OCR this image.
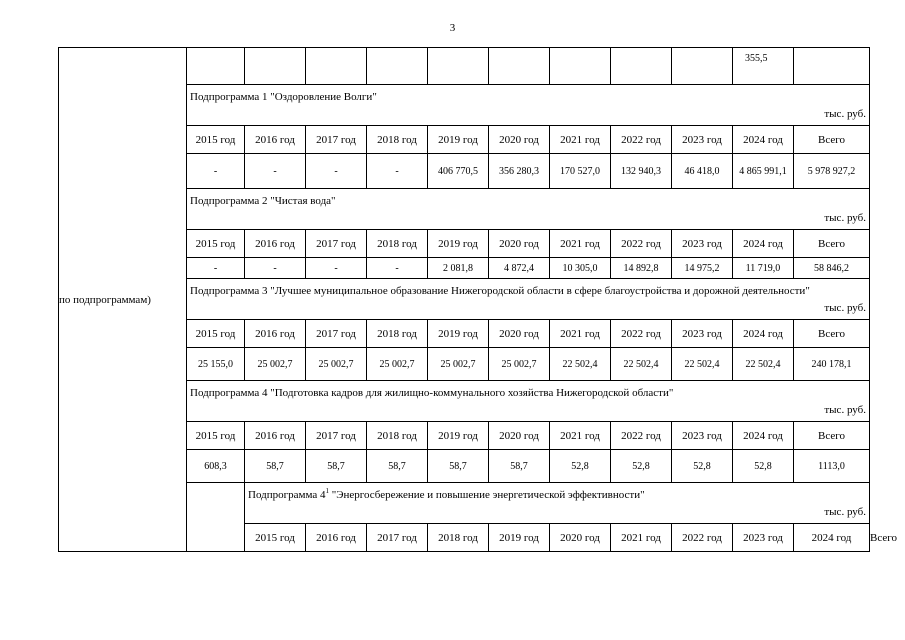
3
по подпрограммам)										355,5		

	Подпрограмма 1 "Оздоровление Волги"
тыс. руб.											

	2015 год	2016 год	2017 год	2018 год	2019 год	2020 год	2021 год	2022 год	2023 год	2024 год	Всего	
	-	-	-	-	406 770,5	356 280,3	170 527,0	132 940,3	46 418,0	4 865 991,1	5 978 927,2	

	Подпрограмма 2 "Чистая вода"
тыс. руб.											

	2015 год	2016 год	2017 год	2018 год	2019 год	2020 год	2021 год	2022 год	2023 год	2024 год	Всего	
	-	-	-	-	2 081,8	4 872,4	10 305,0	14 892,8	14 975,2	11 719,0	58 846,2	

	Подпрограмма 3 "Лучшее муниципальное образование Нижегородской области в сфере благоустройства и дорожной деятельности"
тыс. руб.											

	2015 год	2016 год	2017 год	2018 год	2019 год	2020 год	2021 год	2022 год	2023 год	2024 год	Всего	
	25 155,0	25 002,7	25 002,7	25 002,7	25 002,7	25 002,7	22 502,4	22 502,4	22 502,4	22 502,4	240 178,1	

	Подпрограмма 4 "Подготовка кадров для жилищно-коммунального хозяйства Нижегородской области"
тыс. руб.											

	2015 год	2016 год	2017 год	2018 год	2019 год	2020 год	2021 год	2022 год	2023 год	2024 год	Всего	
	608,3	58,7	58,7	58,7	58,7	58,7	52,8	52,8	52,8	52,8	1113,0	

		Подпрограмма $4^1$ "Энергосбережение и повышение энергетической эффективности"
тыс. руб.										

		2015 год	2016 год	2017 год	2018 год	2019 год	2020 год	2021 год	2022 год	2023 год	2024 год	Всего
